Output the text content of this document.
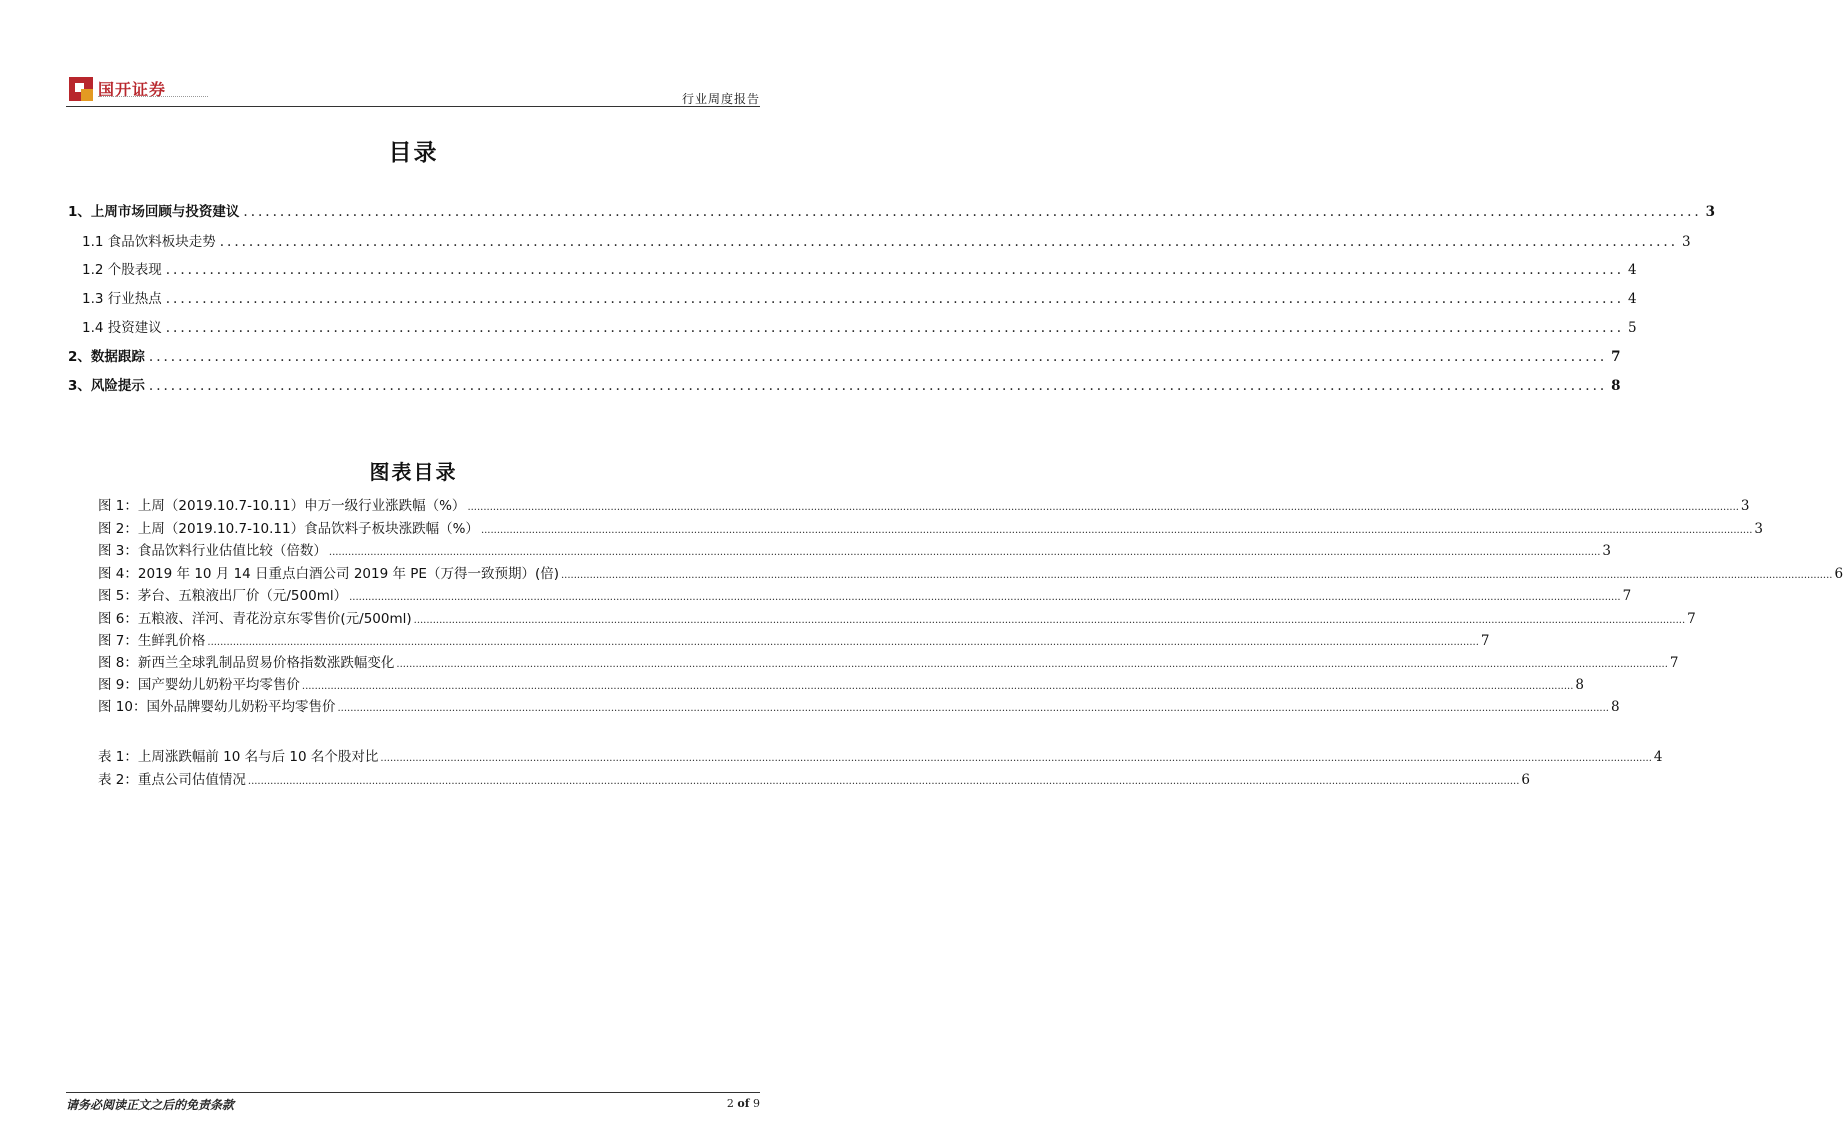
国开证券
行业周度报告
目录
1、上周市场回顾与投资建议 ........................................................................................................................................................................................................ 3
1.1 食品饮料板块走势 ........................................................................................................................................................................................................ 3
1.2 个股表现 ........................................................................................................................................................................................................ 4
1.3 行业热点 ........................................................................................................................................................................................................ 4
1.4 投资建议 ........................................................................................................................................................................................................ 5
2、数据跟踪 ........................................................................................................................................................................................................ 7
3、风险提示 ........................................................................................................................................................................................................ 8
图表目录
图 1：上周（2019.10.7-10.11）申万一级行业涨跌幅（%） ................................................................................................................................................................................................................................................................................................................................................................................................................ 3
图 2：上周（2019.10.7-10.11）食品饮料子板块涨跌幅（%） ................................................................................................................................................................................................................................................................................................................................................................................................................ 3
图 3：食品饮料行业估值比较（倍数） ................................................................................................................................................................................................................................................................................................................................................................................................................ 3
图 4：2019 年 10 月 14 日重点白酒公司 2019 年 PE（万得一致预期）(倍) ................................................................................................................................................................................................................................................................................................................................................................................................................ 6
图 5：茅台、五粮液出厂价（元/500ml） ................................................................................................................................................................................................................................................................................................................................................................................................................ 7
图 6：五粮液、洋河、青花汾京东零售价(元/500ml) ................................................................................................................................................................................................................................................................................................................................................................................................................ 7
图 7：生鲜乳价格 ................................................................................................................................................................................................................................................................................................................................................................................................................ 7
图 8：新西兰全球乳制品贸易价格指数涨跌幅变化 ................................................................................................................................................................................................................................................................................................................................................................................................................ 7
图 9：国产婴幼儿奶粉平均零售价 ................................................................................................................................................................................................................................................................................................................................................................................................................ 8
图 10：国外品牌婴幼儿奶粉平均零售价 ................................................................................................................................................................................................................................................................................................................................................................................................................ 8
表 1：上周涨跌幅前 10 名与后 10 名个股对比 ................................................................................................................................................................................................................................................................................................................................................................................................................ 4
表 2：重点公司估值情况 ................................................................................................................................................................................................................................................................................................................................................................................................................ 6
请务必阅读正文之后的免责条款	2 of 9
